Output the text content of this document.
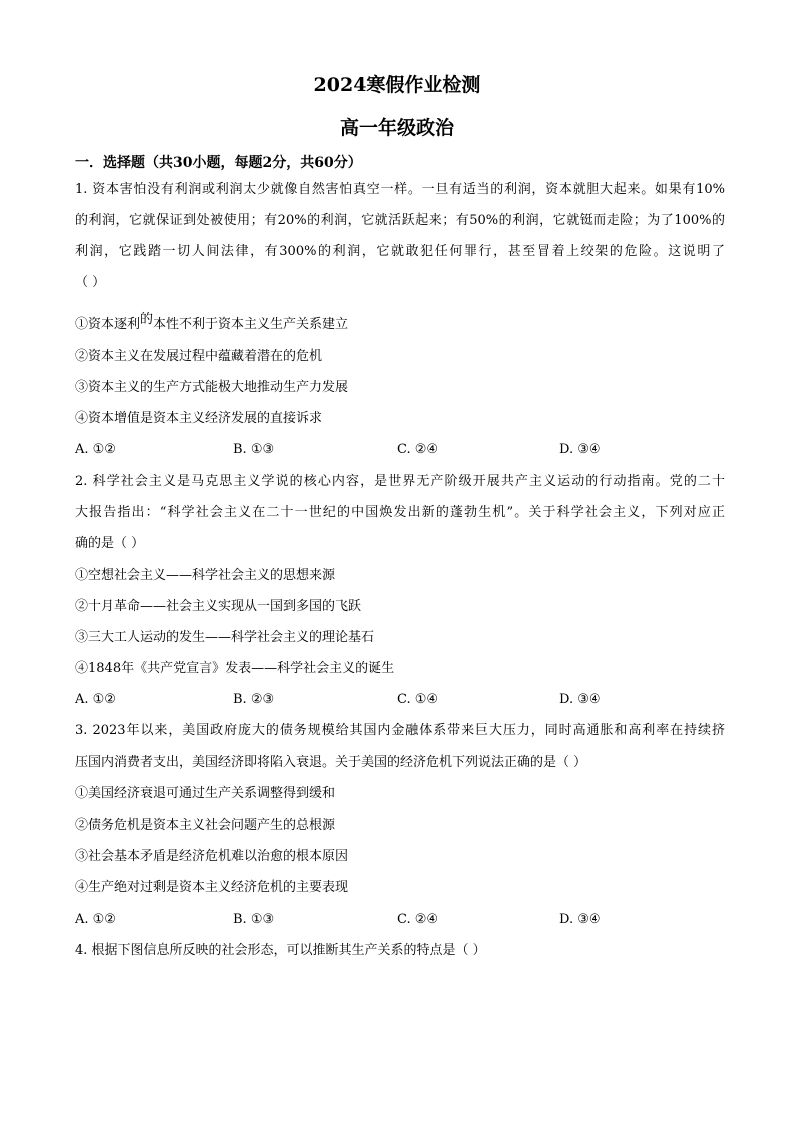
2024寒假作业检测
高一年级政治
一．选择题（共30小题，每题2分，共60分）
1. 资本害怕没有利润或利润太少就像自然害怕真空一样。一旦有适当的利润，资本就胆大起来。如果有10%
的利润，它就保证到处被使用；有20%的利润，它就活跃起来；有50%的利润，它就铤而走险；为了100%的
利润，它践踏一切人间法律，有300%的利润，它就敢犯任何罪行，甚至冒着上绞架的危险。这说明了
（ ）
①资本逐利的本性不利于资本主义生产关系建立
②资本主义在发展过程中蕴藏着潜在的危机
③资本主义的生产方式能极大地推动生产力发展
④资本增值是资本主义经济发展的直接诉求
A. ①②	B. ①③	C. ②④	D. ③④
2. 科学社会主义是马克思主义学说的核心内容，是世界无产阶级开展共产主义运动的行动指南。党的二十
大报告指出：“科学社会主义在二十一世纪的中国焕发出新的蓬勃生机”。关于科学社会主义，下列对应正
确的是（ ）
①空想社会主义——科学社会主义的思想来源
②十月革命——社会主义实现从一国到多国的飞跃
③三大工人运动的发生——科学社会主义的理论基石
④1848年《共产党宣言》发表——科学社会主义的诞生
A. ①②	B. ②③	C. ①④	D. ③④
3. 2023年以来，美国政府庞大的债务规模给其国内金融体系带来巨大压力，同时高通胀和高利率在持续挤
压国内消费者支出，美国经济即将陷入衰退。关于美国的经济危机下列说法正确的是（ ）
①美国经济衰退可通过生产关系调整得到缓和
②债务危机是资本主义社会问题产生的总根源
③社会基本矛盾是经济危机难以治愈的根本原因
④生产绝对过剩是资本主义经济危机的主要表现
A. ①②	B. ①③	C. ②④	D. ③④
4. 根据下图信息所反映的社会形态，可以推断其生产关系的特点是（ ）
